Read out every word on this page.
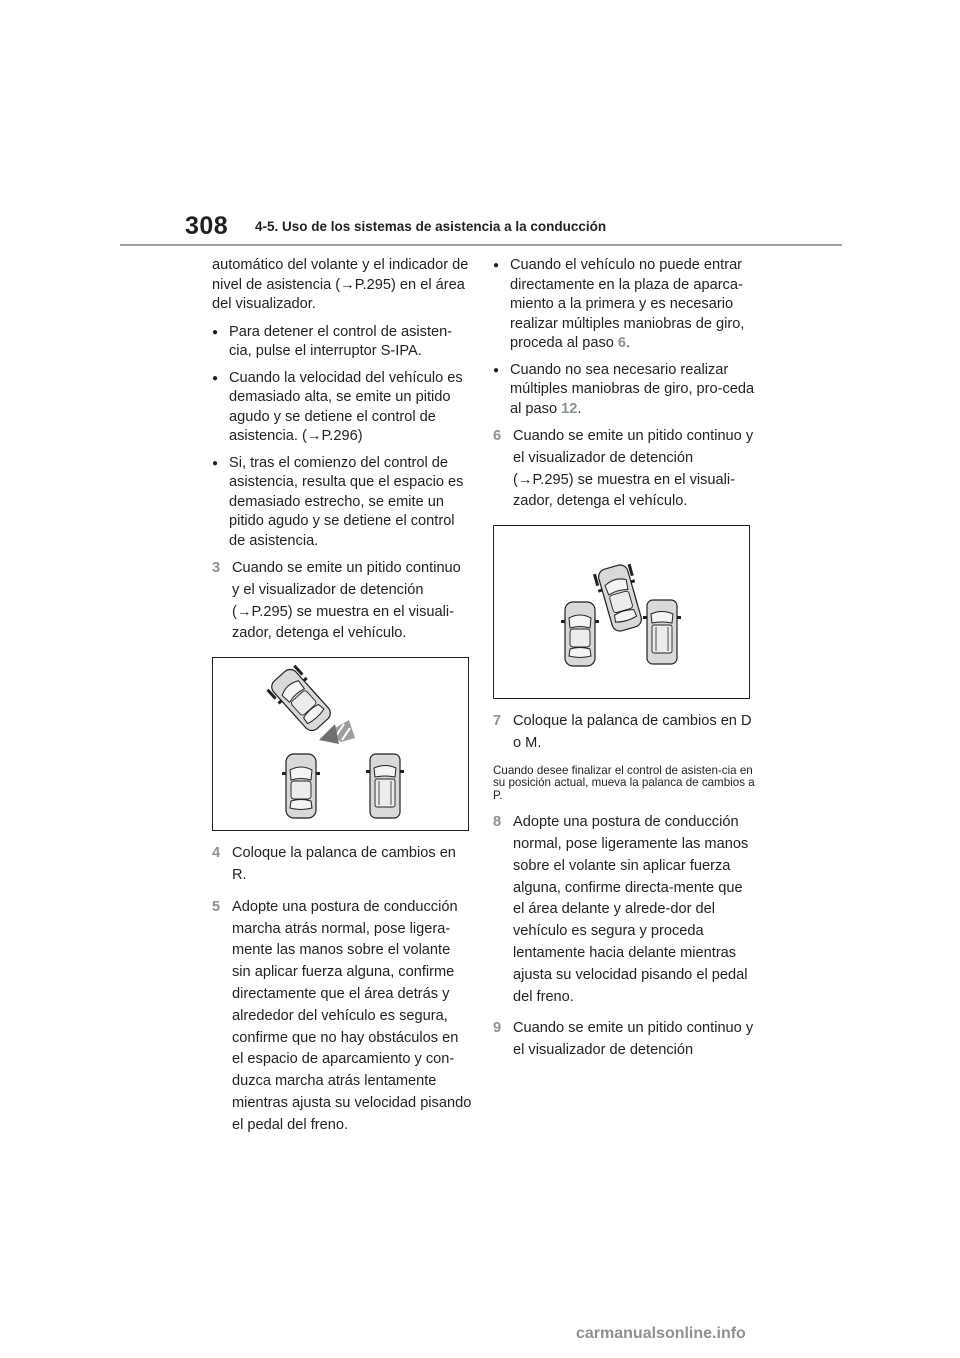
308 4-5. Uso de los sistemas de asistencia a la conducción

automático del volante y el indicador de nivel de asistencia (→P.295) en el área del visualizador.

● Para detener el control de asisten-cia, pulse el interruptor S-IPA.

● Cuando la velocidad del vehículo es demasiado alta, se emite un pitido agudo y se detiene el control de asistencia. (→P.296)

● Si, tras el comienzo del control de asistencia, resulta que el espacio es demasiado estrecho, se emite un pitido agudo y se detiene el control de asistencia.

3 Cuando se emite un pitido continuo y el visualizador de detención (→P.295) se muestra en el visuali-zador, detenga el vehículo.
4 Coloque la palanca de cambios en R.
5 Adopte una postura de conducción marcha atrás normal, pose ligera-mente las manos sobre el volante sin aplicar fuerza alguna, confirme directamente que el área detrás y alrededor del vehículo es segura, confirme que no hay obstáculos en el espacio de aparcamiento y con-duzca marcha atrás lentamente mientras ajusta su velocidad pisando el pedal del freno.

● Cuando el vehículo no puede entrar directamente en la plaza de aparca-miento a la primera y es necesario realizar múltiples maniobras de giro, proceda al paso 6.

● Cuando no sea necesario realizar múltiples maniobras de giro, pro-ceda al paso 12.

6 Cuando se emite un pitido continuo y el visualizador de detención (→P.295) se muestra en el visuali-zador, detenga el vehículo.
7 Coloque la palanca de cambios en D o M.

Cuando desee finalizar el control de asisten-cia en su posición actual, mueva la palanca de cambios a P.

8 Adopte una postura de conducción normal, pose ligeramente las manos sobre el volante sin aplicar fuerza alguna, confirme directa-mente que el área delante y alrede-dor del vehículo es segura y proceda lentamente hacia delante mientras ajusta su velocidad pisando el pedal del freno.
9 Cuando se emite un pitido continuo y el visualizador de detención
carmanualsonline.info
